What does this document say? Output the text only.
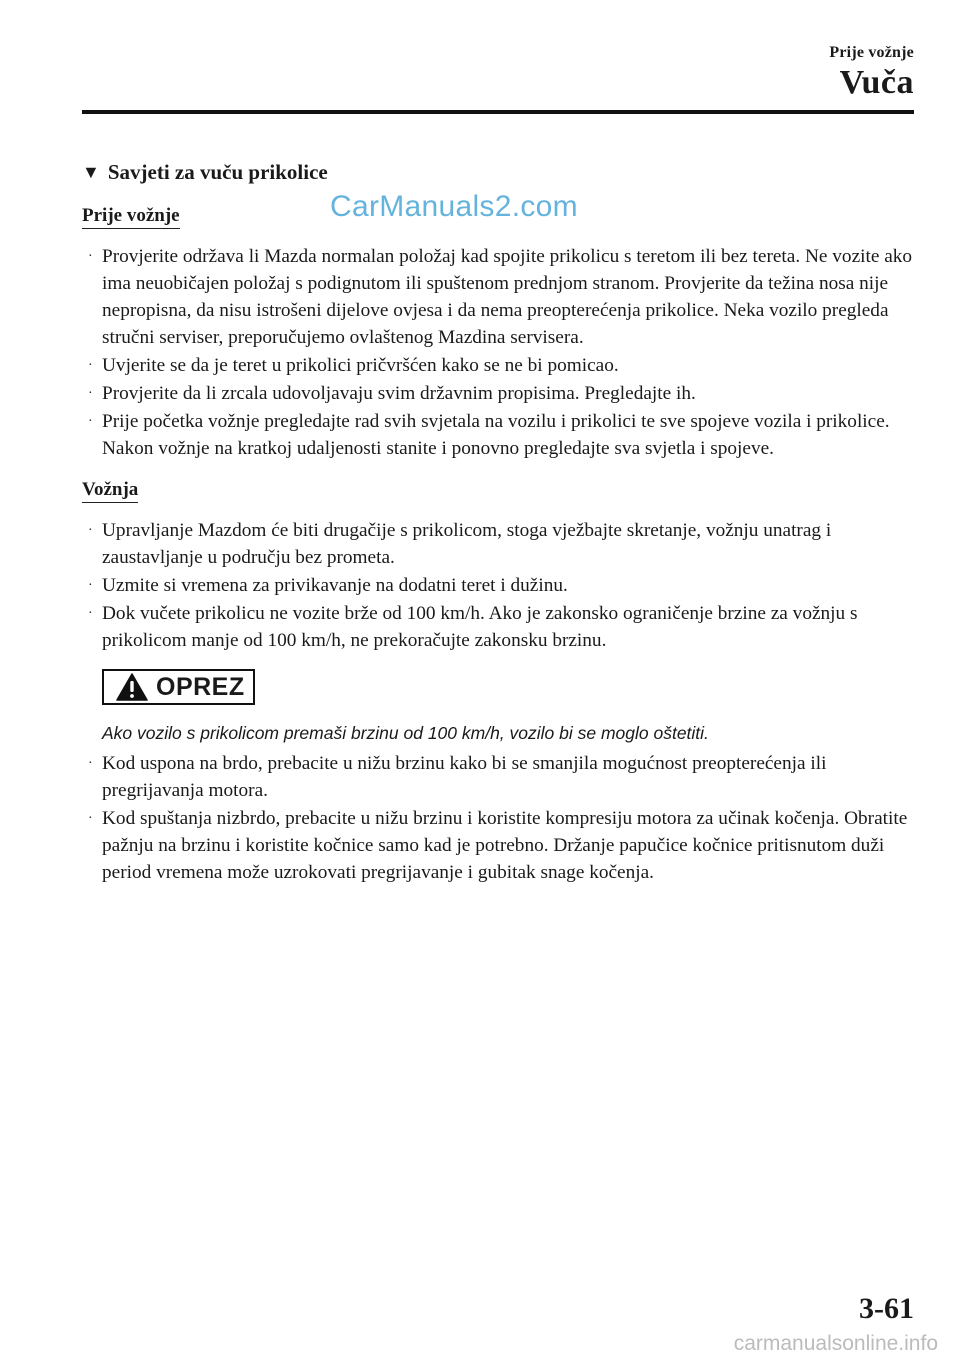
Prije vožnje
Vuča
CarManuals2.com
▼ Savjeti za vuču prikolice
Prije vožnje
· Provjerite održava li Mazda normalan položaj kad spojite prikolicu s teretom ili bez tereta. Ne vozite ako ima neuobičajen položaj s podignutom ili spuštenom prednjom stranom. Provjerite da težina nosa nije nepropisna, da nisu istrošeni dijelove ovjesa i da nema preopterećenja prikolice. Neka vozilo pregleda stručni serviser, preporučujemo ovlaštenog Mazdina servisera.
· Uvjerite se da je teret u prikolici pričvršćen kako se ne bi pomicao.
· Provjerite da li zrcala udovoljavaju svim državnim propisima. Pregledajte ih.
· Prije početka vožnje pregledajte rad svih svjetala na vozilu i prikolici te sve spojeve vozila i prikolice. Nakon vožnje na kratkoj udaljenosti stanite i ponovno pregledajte sva svjetla i spojeve.
Vožnja
· Upravljanje Mazdom će biti drugačije s prikolicom, stoga vježbajte skretanje, vožnju unatrag i zaustavljanje u području bez prometa.
· Uzmite si vremena za privikavanje na dodatni teret i dužinu.
· Dok vučete prikolicu ne vozite brže od 100 km/h. Ako je zakonsko ograničenje brzine za vožnju s prikolicom manje od 100 km/h, ne prekoračujte zakonsku brzinu.
OPREZ
Ako vozilo s prikolicom premaši brzinu od 100 km/h, vozilo bi se moglo oštetiti.
· Kod uspona na brdo, prebacite u nižu brzinu kako bi se smanjila mogućnost preopterećenja ili pregrijavanja motora.
· Kod spuštanja nizbrdo, prebacite u nižu brzinu i koristite kompresiju motora za učinak kočenja. Obratite pažnju na brzinu i koristite kočnice samo kad je potrebno. Držanje papučice kočnice pritisnutom duži period vremena može uzrokovati pregrijavanje i gubitak snage kočenja.
3-61
carmanualsonline.info
